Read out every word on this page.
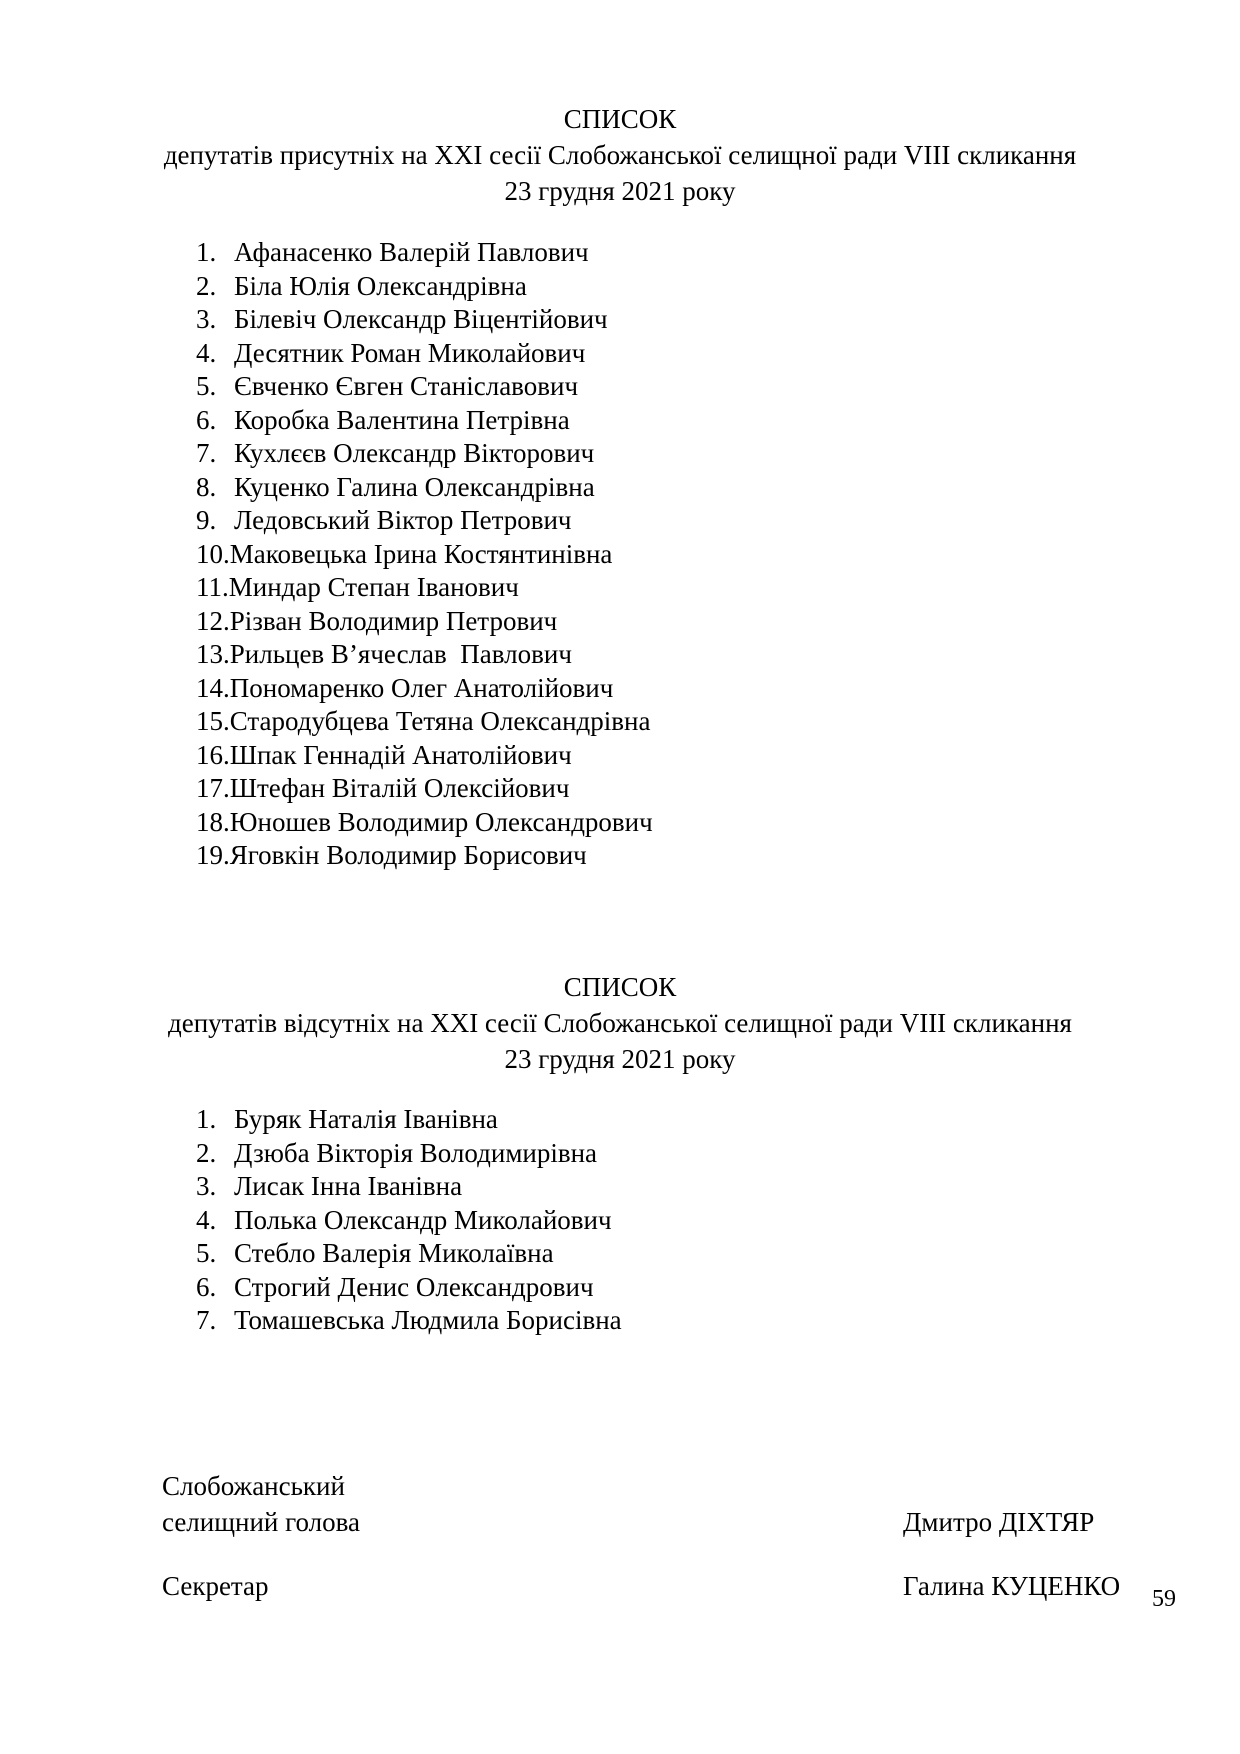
СПИСОК
депутатів присутніх на XXI сесії Слобожанської селищної ради VIII скликання
23 грудня 2021 року
1. Афанасенко Валерій Павлович
2. Біла Юлія Олександрівна
3. Білевіч Олександр Віцентійович
4. Десятник Роман Миколайович
5. Євченко Євген Станіславович
6. Коробка Валентина Петрівна
7. Кухлєєв Олександр Вікторович
8. Куценко Галина Олександрівна
9. Ледовський Віктор Петрович
10.Маковецька Ірина Костянтинівна
11.Миндар Степан Іванович
12.Різван Володимир Петрович
13.Рильцев В’ячеслав  Павлович
14.Пономаренко Олег Анатолійович
15.Стародубцева Тетяна Олександрівна
16.Шпак Геннадій Анатолійович
17.Штефан Віталій Олексійович
18.Юношев Володимир Олександрович
19.Яговкін Володимир Борисович
СПИСОК
депутатів відсутніх на XXI сесії Слобожанської селищної ради VIII скликання
23 грудня 2021 року
1. Буряк Наталія Іванівна
2. Дзюба Вікторія Володимирівна
3. Лисак Інна Іванівна
4. Полька Олександр Миколайович
5. Стебло Валерія Миколаївна
6. Строгий Денис Олександрович
7. Томашевська Людмила Борисівна
Слобожанський
селищний голова	Дмитро ДІХТЯР
Секретар	Галина КУЦЕНКО 59
